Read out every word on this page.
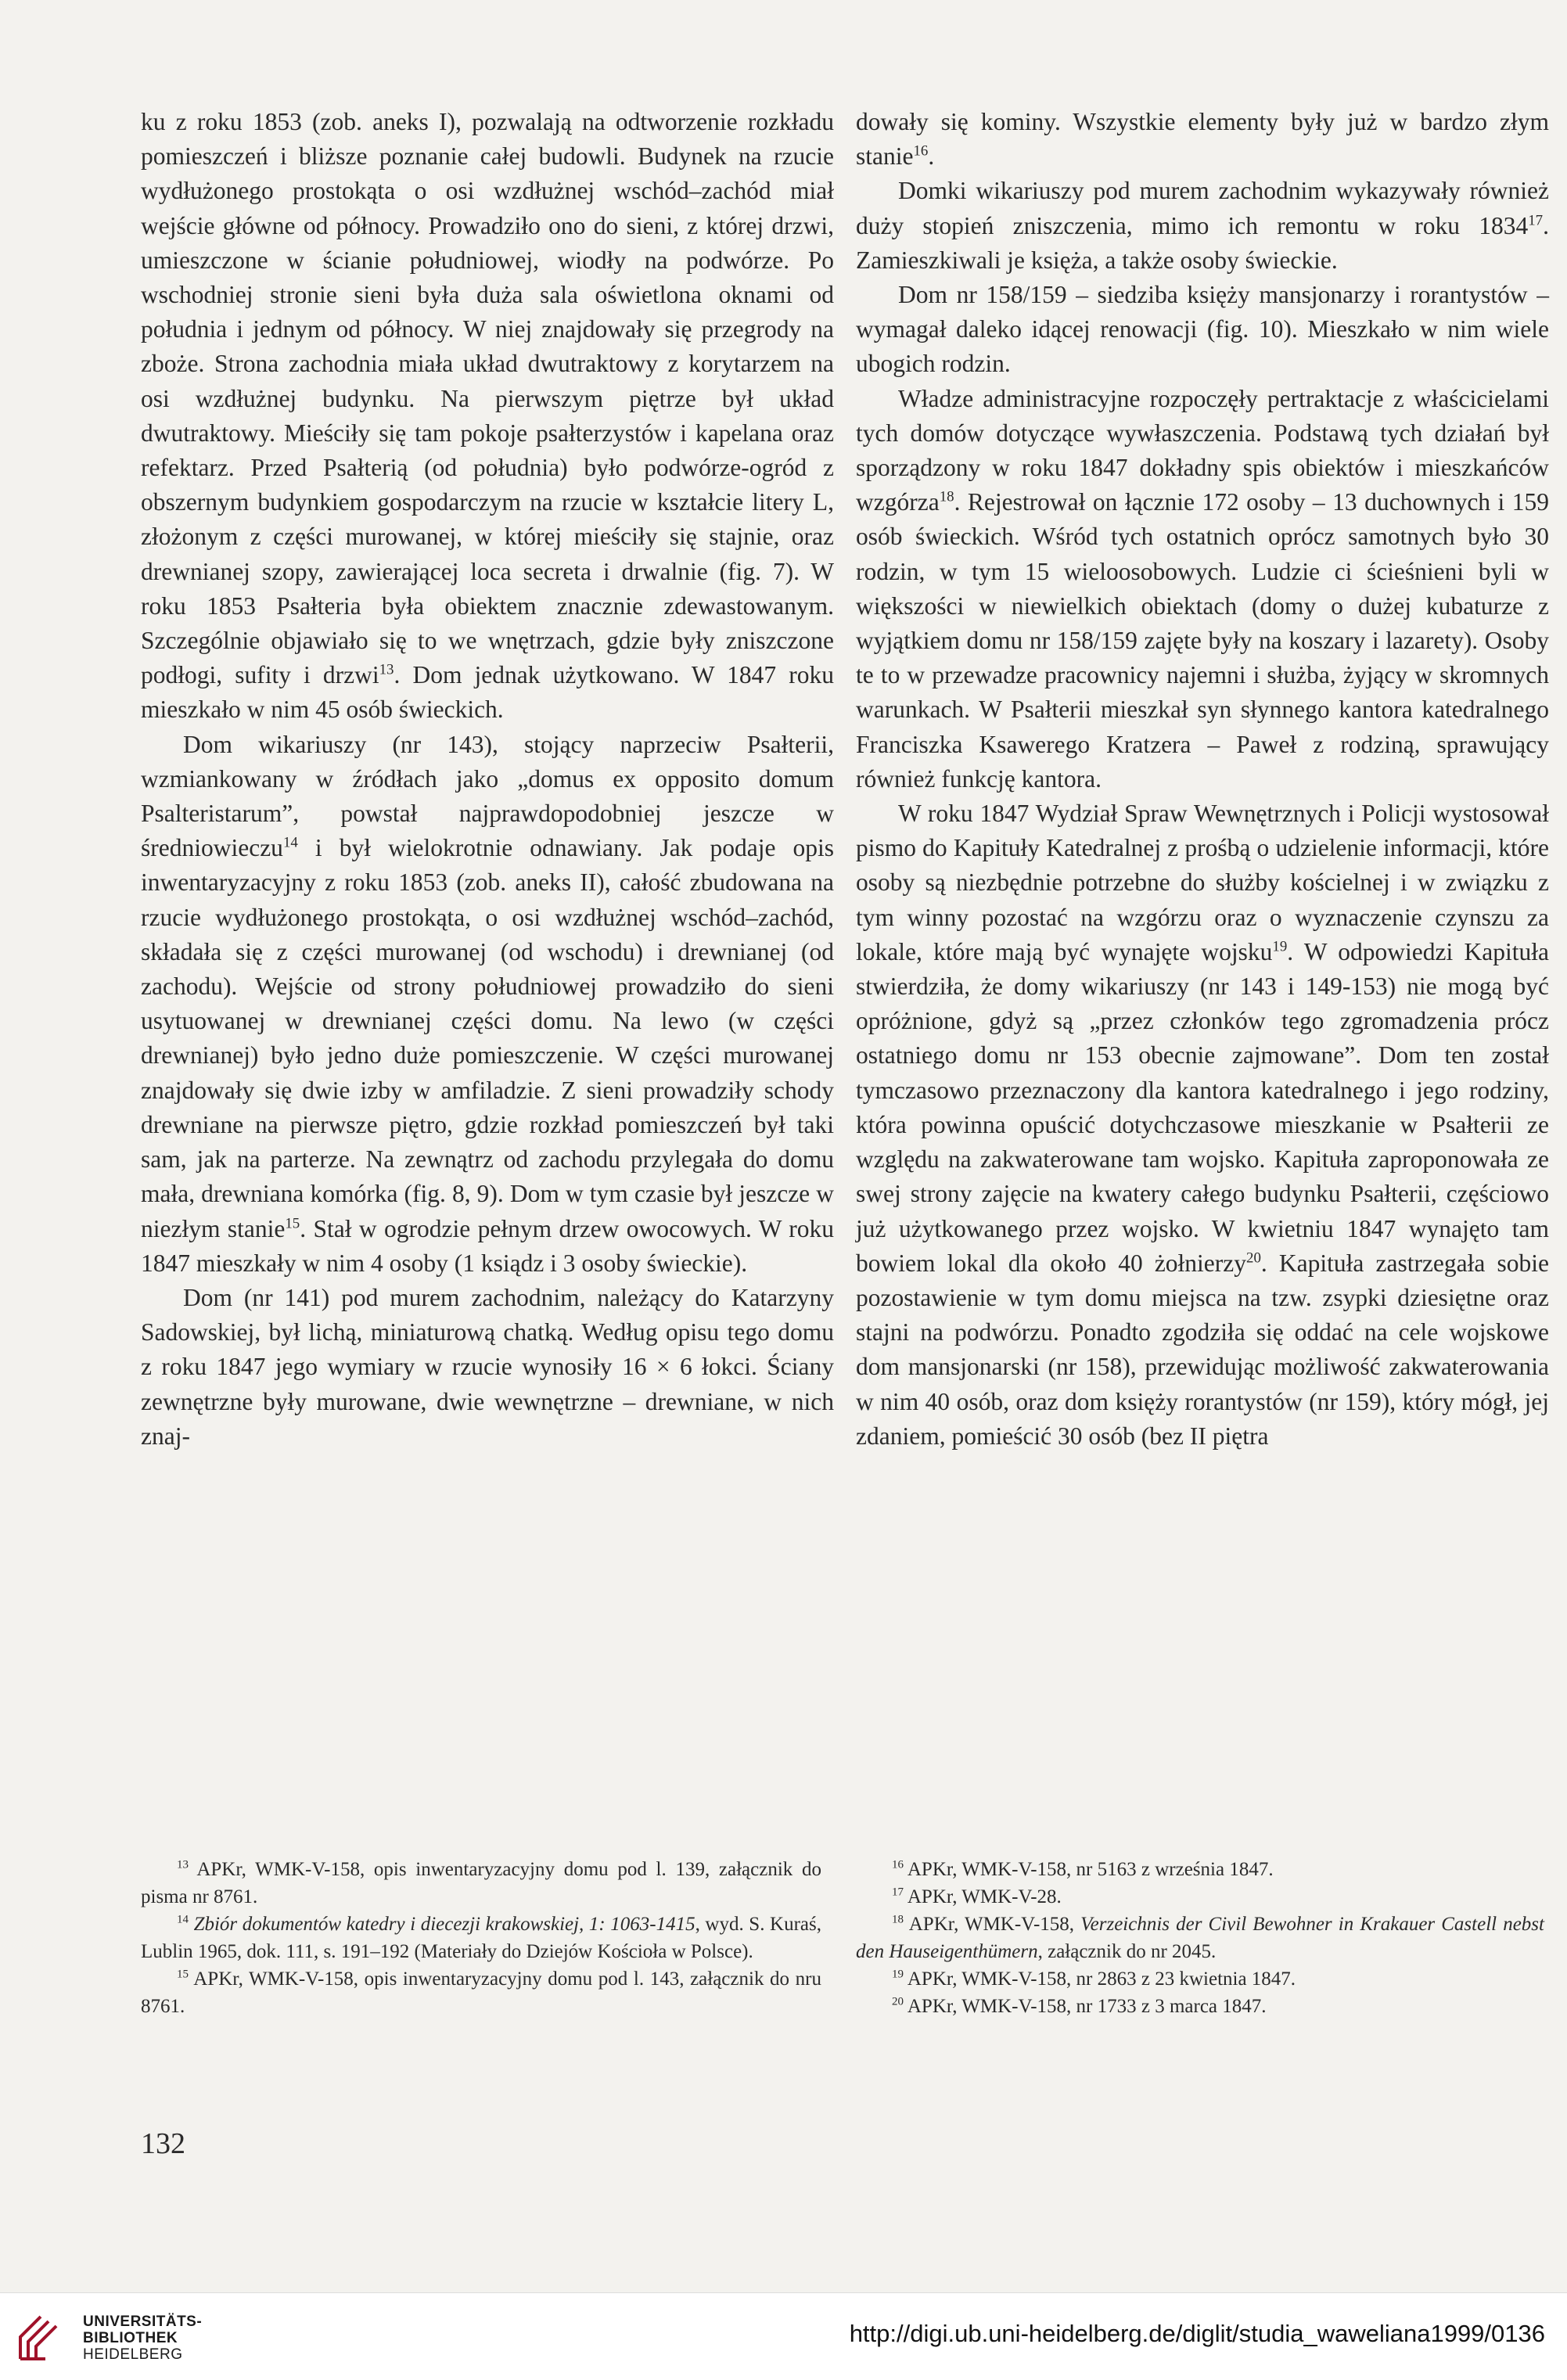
ku z roku 1853 (zob. aneks I), pozwalają na odtworzenie rozkładu pomieszczeń i bliższe poznanie całej budowli. Budynek na rzucie wydłużonego prostokąta o osi wzdłużnej wschód–zachód miał wejście główne od północy. Prowadziło ono do sieni, z której drzwi, umieszczone w ścianie południowej, wiodły na podwórze. Po wschodniej stronie sieni była duża sala oświetlona oknami od południa i jednym od północy. W niej znajdowały się przegrody na zboże. Strona zachodnia miała układ dwutraktowy z korytarzem na osi wzdłużnej budynku. Na pierwszym piętrze był układ dwutraktowy. Mieściły się tam pokoje psałterzystów i kapelana oraz refektarz. Przed Psałterią (od południa) było podwórze-ogród z obszernym budynkiem gospodarczym na rzucie w kształcie litery L, złożonym z części murowanej, w której mieściły się stajnie, oraz drewnianej szopy, zawierającej loca secreta i drwalnie (fig. 7). W roku 1853 Psałteria była obiektem znacznie zdewastowanym. Szczególnie objawiało się to we wnętrzach, gdzie były zniszczone podłogi, sufity i drzwi$^{13}$. Dom jednak użytkowano. W 1847 roku mieszkało w nim 45 osób świeckich.

Dom wikariuszy (nr 143), stojący naprzeciw Psałterii, wzmiankowany w źródłach jako „domus ex opposito domum Psalteristarum”, powstał najprawdopodobniej jeszcze w średniowieczu$^{14}$ i był wielokrotnie odnawiany. Jak podaje opis inwentaryzacyjny z roku 1853 (zob. aneks II), całość zbudowana na rzucie wydłużonego prostokąta, o osi wzdłużnej wschód–zachód, składała się z części murowanej (od wschodu) i drewnianej (od zachodu). Wejście od strony południowej prowadziło do sieni usytuowanej w drewnianej części domu. Na lewo (w części drewnianej) było jedno duże pomieszczenie. W części murowanej znajdowały się dwie izby w amfiladzie. Z sieni prowadziły schody drewniane na pierwsze piętro, gdzie rozkład pomieszczeń był taki sam, jak na parterze. Na zewnątrz od zachodu przylegała do domu mała, drewniana komórka (fig. 8, 9). Dom w tym czasie był jeszcze w niezłym stanie$^{15}$. Stał w ogrodzie pełnym drzew owocowych. W roku 1847 mieszkały w nim 4 osoby (1 ksiądz i 3 osoby świeckie).

Dom (nr 141) pod murem zachodnim, należący do Katarzyny Sadowskiej, był lichą, miniaturową chatką. Według opisu tego domu z roku 1847 jego wymiary w rzucie wynosiły 16 × 6 łokci. Ściany zewnętrzne były murowane, dwie wewnętrzne – drewniane, w nich znaj-

dowały się kominy. Wszystkie elementy były już w bardzo złym stanie$^{16}$.

Domki wikariuszy pod murem zachodnim wykazywały również duży stopień zniszczenia, mimo ich remontu w roku 1834$^{17}$. Zamieszkiwali je księża, a także osoby świeckie.

Dom nr 158/159 – siedziba księży mansjonarzy i rorantystów – wymagał daleko idącej renowacji (fig. 10). Mieszkało w nim wiele ubogich rodzin.

Władze administracyjne rozpoczęły pertraktacje z właścicielami tych domów dotyczące wywłaszczenia. Podstawą tych działań był sporządzony w roku 1847 dokładny spis obiektów i mieszkańców wzgórza$^{18}$. Rejestrował on łącznie 172 osoby – 13 duchownych i 159 osób świeckich. Wśród tych ostatnich oprócz samotnych było 30 rodzin, w tym 15 wieloosobowych. Ludzie ci ścieśnieni byli w większości w niewielkich obiektach (domy o dużej kubaturze z wyjątkiem domu nr 158/159 zajęte były na koszary i lazarety). Osoby te to w przewadze pracownicy najemni i służba, żyjący w skromnych warunkach. W Psałterii mieszkał syn słynnego kantora katedralnego Franciszka Ksawerego Kratzera – Paweł z rodziną, sprawujący również funkcję kantora.

W roku 1847 Wydział Spraw Wewnętrznych i Policji wystosował pismo do Kapituły Katedralnej z prośbą o udzielenie informacji, które osoby są niezbędnie potrzebne do służby kościelnej i w związku z tym winny pozostać na wzgórzu oraz o wyznaczenie czynszu za lokale, które mają być wynajęte wojsku$^{19}$. W odpowiedzi Kapituła stwierdziła, że domy wikariuszy (nr 143 i 149-153) nie mogą być opróżnione, gdyż są „przez członków tego zgromadzenia prócz ostatniego domu nr 153 obecnie zajmowane”. Dom ten został tymczasowo przeznaczony dla kantora katedralnego i jego rodziny, która powinna opuścić dotychczasowe mieszkanie w Psałterii ze względu na zakwaterowane tam wojsko. Kapituła zaproponowała ze swej strony zajęcie na kwatery całego budynku Psałterii, częściowo już użytkowanego przez wojsko. W kwietniu 1847 wynajęto tam bowiem lokal dla około 40 żołnierzy$^{20}$. Kapituła zastrzegała sobie pozostawienie w tym domu miejsca na tzw. zsypki dziesiętne oraz stajni na podwórzu. Ponadto zgodziła się oddać na cele wojskowe dom mansjonarski (nr 158), przewidując możliwość zakwaterowania w nim 40 osób, oraz dom księży rorantystów (nr 159), który mógł, jej zdaniem, pomieścić 30 osób (bez II piętra

$^{13}$ APKr, WMK-V-158, opis inwentaryzacyjny domu pod l. 139, załącznik do pisma nr 8761.

$^{14}$ Zbiór dokumentów katedry i diecezji krakowskiej, 1: 1063-1415, wyd. S. Kuraś, Lublin 1965, dok. 111, s. 191–192 (Materiały do Dziejów Kościoła w Polsce).

$^{15}$ APKr, WMK-V-158, opis inwentaryzacyjny domu pod l. 143, załącznik do nru 8761.

$^{16}$ APKr, WMK-V-158, nr 5163 z września 1847.

$^{17}$ APKr, WMK-V-28.

$^{18}$ APKr, WMK-V-158, Verzeichnis der Civil Bewohner in Krakauer Castell nebst den Hauseigenthümern, załącznik do nr 2045.

$^{19}$ APKr, WMK-V-158, nr 2863 z 23 kwietnia 1847.

$^{20}$ APKr, WMK-V-158, nr 1733 z 3 marca 1847.

132
UNIVERSITÄTS-
BIBLIOTHEK
HEIDELBERG
http://digi.ub.uni-heidelberg.de/diglit/studia_waweliana1999/0136
